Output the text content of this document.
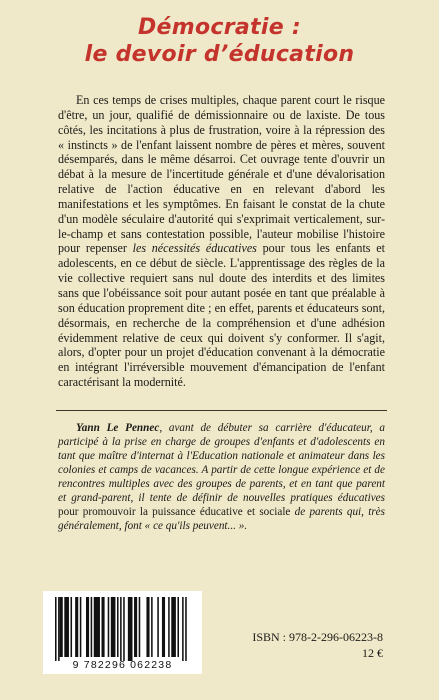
Démocratie :
le devoir d’éducation
En ces temps de crises multiples, chaque parent court le risque d'être, un jour, qualifié de démissionnaire ou de laxiste. De tous côtés, les incitations à plus de frustration, voire à la répression des « instincts » de l'enfant laissent nombre de pères et mères, souvent désemparés, dans le même désarroi. Cet ouvrage tente d'ouvrir un débat à la mesure de l'incertitude générale et d'une dévalorisation relative de l'action éducative en en relevant d'abord les manifestations et les symptômes. En faisant le constat de la chute d'un modèle séculaire d'autorité qui s'exprimait verticalement, sur-le-champ et sans contestation possible, l'auteur mobilise l'histoire pour repenser les nécessités éducatives pour tous les enfants et adolescents, en ce début de siècle. L'apprentissage des règles de la vie collective requiert sans nul doute des interdits et des limites sans que l'obéissance soit pour autant posée en tant que préalable à son éducation proprement dite ; en effet, parents et éducateurs sont, désormais, en recherche de la compréhension et d'une adhésion évidemment relative de ceux qui doivent s'y conformer. Il s'agit, alors, d'opter pour un projet d'éducation convenant à la démocratie en intégrant l'irréversible mouvement d'émancipation de l'enfant caractérisant la modernité.
Yann Le Pennec, avant de débuter sa carrière d'éducateur, a participé à la prise en charge de groupes d'enfants et d'adolescents en tant que maître d'internat à l'Education nationale et animateur dans les colonies et camps de vacances. A partir de cette longue expérience et de rencontres multiples avec des groupes de parents, et en tant que parent et grand-parent, il tente de définir de nouvelles pratiques éducatives pour promouvoir la puissance éducative et sociale de parents qui, très généralement, font « ce qu'ils peuvent... ».
9 782296 062238
ISBN : 978-2-296-06223-8
12 €
